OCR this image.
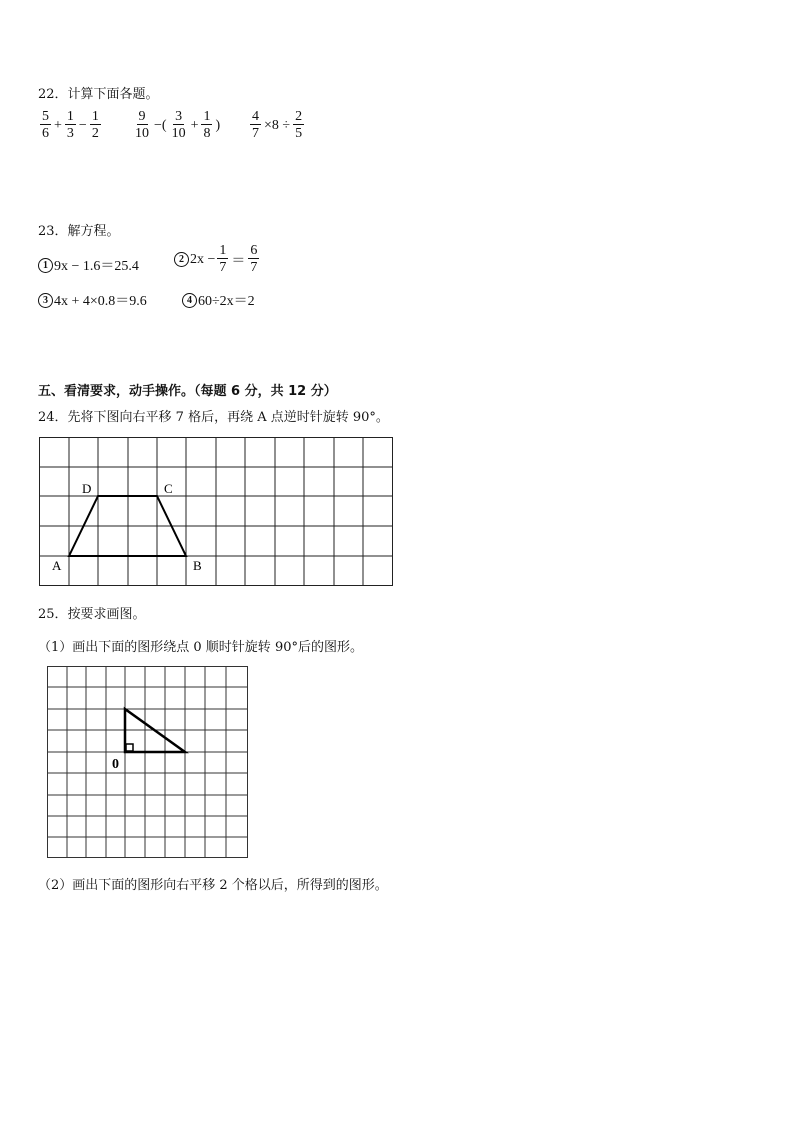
22．计算下面各题。
$\frac{5}{6} + \frac{1}{3} - \frac{1}{2} \frac{9}{10}$ −( $\frac{3}{10} + \frac{1}{8}$ ) $\frac{4}{7} \times 8 \div \frac{2}{5}$
23．解方程。
1 9x − 1.6＝25.4	2 $2x - \frac{1}{7} = \frac{6}{7}$
3 4x + 4×0.8＝9.6	4 60÷2x＝2
五、看清要求，动手操作。（每题 6 分，共 12 分）
24．先将下图向右平移 7 格后，再绕 A 点逆时针旋转 90°。
D	C
A	B
25．按要求画图。
（1）画出下面的图形绕点 0 顺时针旋转 90°后的图形。
0
（2）画出下面的图形向右平移 2 个格以后，所得到的图形。
